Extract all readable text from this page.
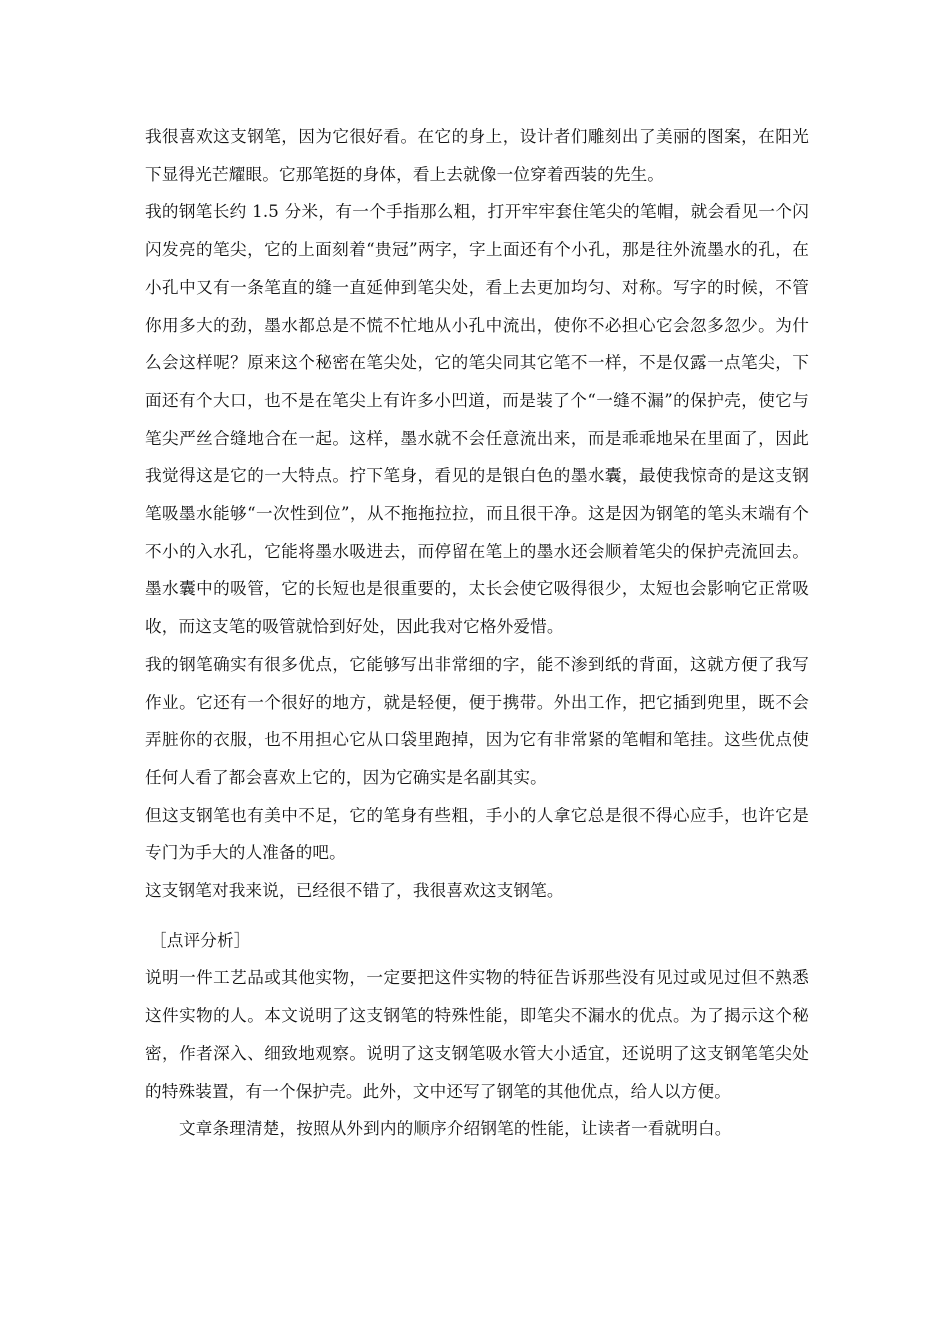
我很喜欢这支钢笔，因为它很好看。在它的身上，设计者们雕刻出了美丽的图案，在阳光下显得光芒耀眼。它那笔挺的身体，看上去就像一位穿着西装的先生。

我的钢笔长约 1.5 分米，有一个手指那么粗，打开牢牢套住笔尖的笔帽，就会看见一个闪闪发亮的笔尖，它的上面刻着“贵冠”两字，字上面还有个小孔，那是往外流墨水的孔，在小孔中又有一条笔直的缝一直延伸到笔尖处，看上去更加均匀、对称。写字的时候，不管你用多大的劲，墨水都总是不慌不忙地从小孔中流出，使你不必担心它会忽多忽少。为什么会这样呢？原来这个秘密在笔尖处，它的笔尖同其它笔不一样，不是仅露一点笔尖，下面还有个大口，也不是在笔尖上有许多小凹道，而是装了个“一缝不漏”的保护壳，使它与笔尖严丝合缝地合在一起。这样，墨水就不会任意流出来，而是乖乖地呆在里面了，因此我觉得这是它的一大特点。拧下笔身，看见的是银白色的墨水囊，最使我惊奇的是这支钢笔吸墨水能够“一次性到位”，从不拖拖拉拉，而且很干净。这是因为钢笔的笔头末端有个不小的入水孔，它能将墨水吸进去，而停留在笔上的墨水还会顺着笔尖的保护壳流回去。墨水囊中的吸管，它的长短也是很重要的，太长会使它吸得很少，太短也会影响它正常吸收，而这支笔的吸管就恰到好处，因此我对它格外爱惜。

我的钢笔确实有很多优点，它能够写出非常细的字，能不渗到纸的背面，这就方便了我写作业。它还有一个很好的地方，就是轻便，便于携带。外出工作，把它插到兜里，既不会弄脏你的衣服，也不用担心它从口袋里跑掉，因为它有非常紧的笔帽和笔挂。这些优点使任何人看了都会喜欢上它的，因为它确实是名副其实。

但这支钢笔也有美中不足，它的笔身有些粗，手小的人拿它总是很不得心应手，也许它是专门为手大的人准备的吧。

这支钢笔对我来说，已经很不错了，我很喜欢这支钢笔。

［点评分析］

说明一件工艺品或其他实物，一定要把这件实物的特征告诉那些没有见过或见过但不熟悉这件实物的人。本文说明了这支钢笔的特殊性能，即笔尖不漏水的优点。为了揭示这个秘密，作者深入、细致地观察。说明了这支钢笔吸水管大小适宜，还说明了这支钢笔笔尖处的特殊装置，有一个保护壳。此外，文中还写了钢笔的其他优点，给人以方便。

文章条理清楚，按照从外到内的顺序介绍钢笔的性能，让读者一看就明白。
